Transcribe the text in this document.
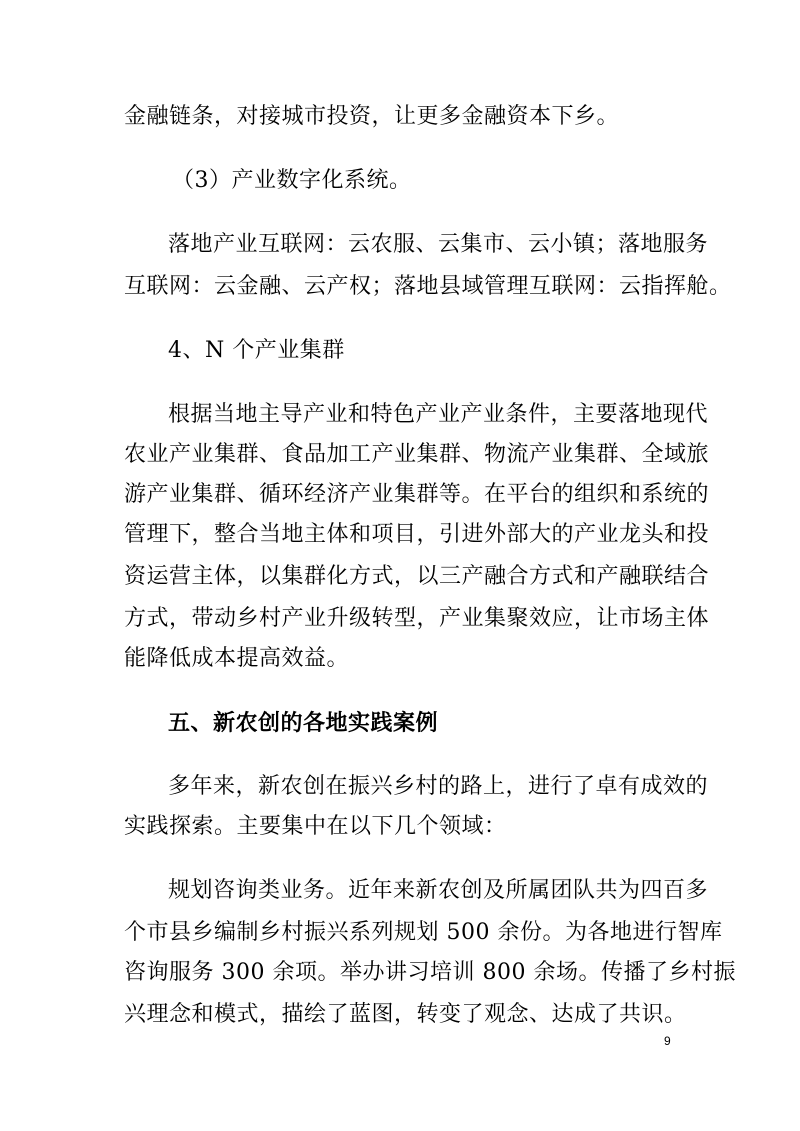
金融链条，对接城市投资，让更多金融资本下乡。
（3）产业数字化系统。
落地产业互联网：云农服、云集市、云小镇；落地服务
互联网：云金融、云产权；落地县域管理互联网：云指挥舱。
4、N 个产业集群
根据当地主导产业和特色产业产业条件，主要落地现代
农业产业集群、食品加工产业集群、物流产业集群、全域旅
游产业集群、循环经济产业集群等。在平台的组织和系统的
管理下，整合当地主体和项目，引进外部大的产业龙头和投
资运营主体，以集群化方式，以三产融合方式和产融联结合
方式，带动乡村产业升级转型，产业集聚效应，让市场主体
能降低成本提高效益。
五、新农创的各地实践案例
多年来，新农创在振兴乡村的路上，进行了卓有成效的
实践探索。主要集中在以下几个领域：
规划咨询类业务。近年来新农创及所属团队共为四百多
个市县乡编制乡村振兴系列规划 500 余份。为各地进行智库
咨询服务 300 余项。举办讲习培训 800 余场。传播了乡村振
兴理念和模式，描绘了蓝图，转变了观念、达成了共识。
9
